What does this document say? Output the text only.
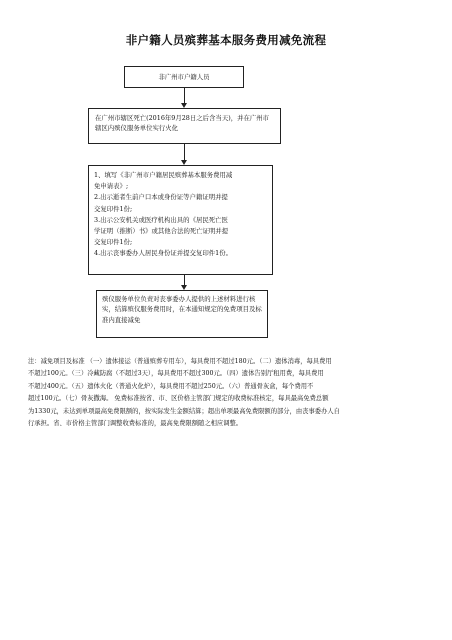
非户籍人员殡葬基本服务费用减免流程
非广州市户籍人员
在广州市辖区死亡(2016年9月28日之后含当天)，并在广州市辖区内殡仪服务单位实行火化
1、填写《非广州市户籍居民殡葬基本服务费用减
免申请表》;
2.出示逝者生前户口本或身份证等户籍证明并提
交复印件1份;
3.出示公安机关或医疗机构出具的《居民死亡医
学证明（推断）书》或其他合法的死亡证明并提
交复印件1份;
4.出示丧事委办人居民身份证并提交复印件1份。
殡仪服务单位负责对丧事委办人提供的上述材料进行核实，结算殡仪服务费用时，在本通知规定的免费项目及标准内直接减免
注：减免项目及标准 （一）遗体接运（普通殡葬专用车），每具费用不超过180元。（二）遗体消毒，每具费用
不超过100元。（三）冷藏防腐（不超过3天），每具费用不超过300元。（四）遗体告别厅租用费，每具费用
不超过400元。（五）遗体火化（普通火化炉），每具费用不超过250元。（六）普通骨灰盒，每个费用不
超过100元。（七）骨灰撒海。 免费标准按省、市、区价格主管部门规定的收费标准核定，每具最高免费总额
为1330元，未达到单项最高免费限额的，按实际发生金额结算；超出单项最高免费限额的部分，由丧事委办人自
行承担。省、市价格主管部门调整收费标准的，最高免费限额随之相应调整。
